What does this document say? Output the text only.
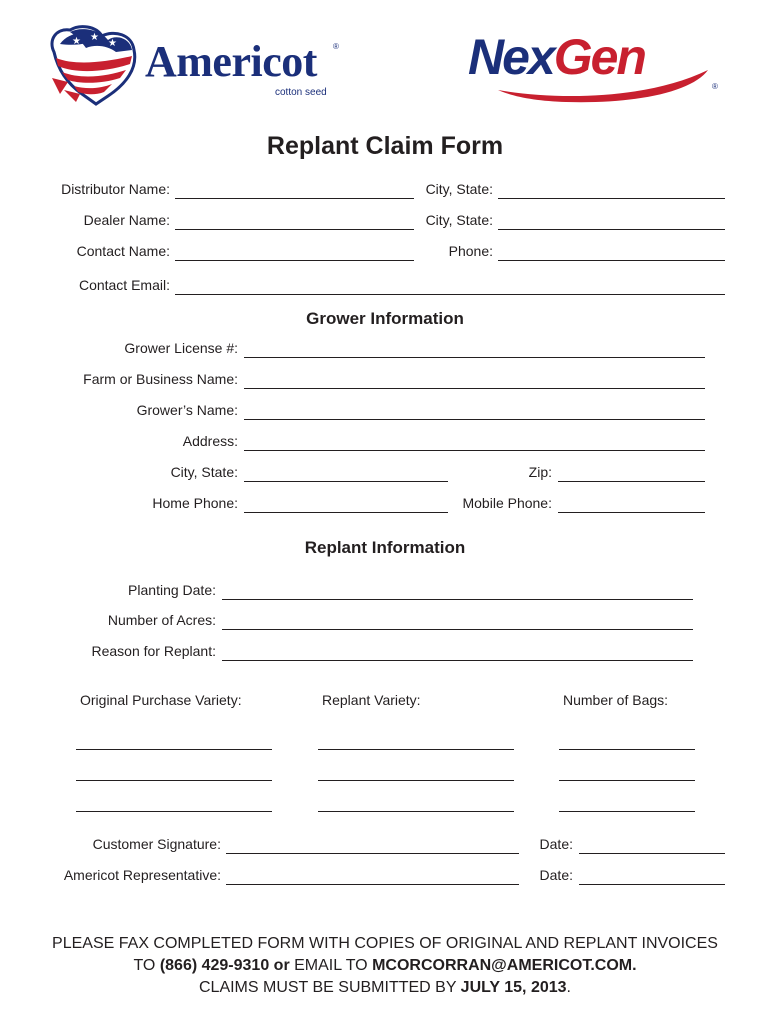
★ ★
★
★ Americot ®
cotton seed
NexGen
®
Replant Claim Form
Distributor Name:	City, State:
Dealer Name:	City, State:
Contact Name:	Phone:
Contact Email:
Grower Information
Grower License #:
Farm or Business Name:
Grower’s Name:
Address:
City, State:	Zip:
Home Phone:	Mobile Phone:
Replant Information
Planting Date:
Number of Acres:
Reason for Replant:
Original Purchase Variety:	Replant Variety:	Number of Bags:
Customer Signature:	Date:
Americot Representative:	Date:
PLEASE FAX COMPLETED FORM WITH COPIES OF ORIGINAL AND REPLANT INVOICES
TO (866) 429-9310 or EMAIL TO MCORCORRAN@AMERICOT.COM.
CLAIMS MUST BE SUBMITTED BY JULY 15, 2013.
